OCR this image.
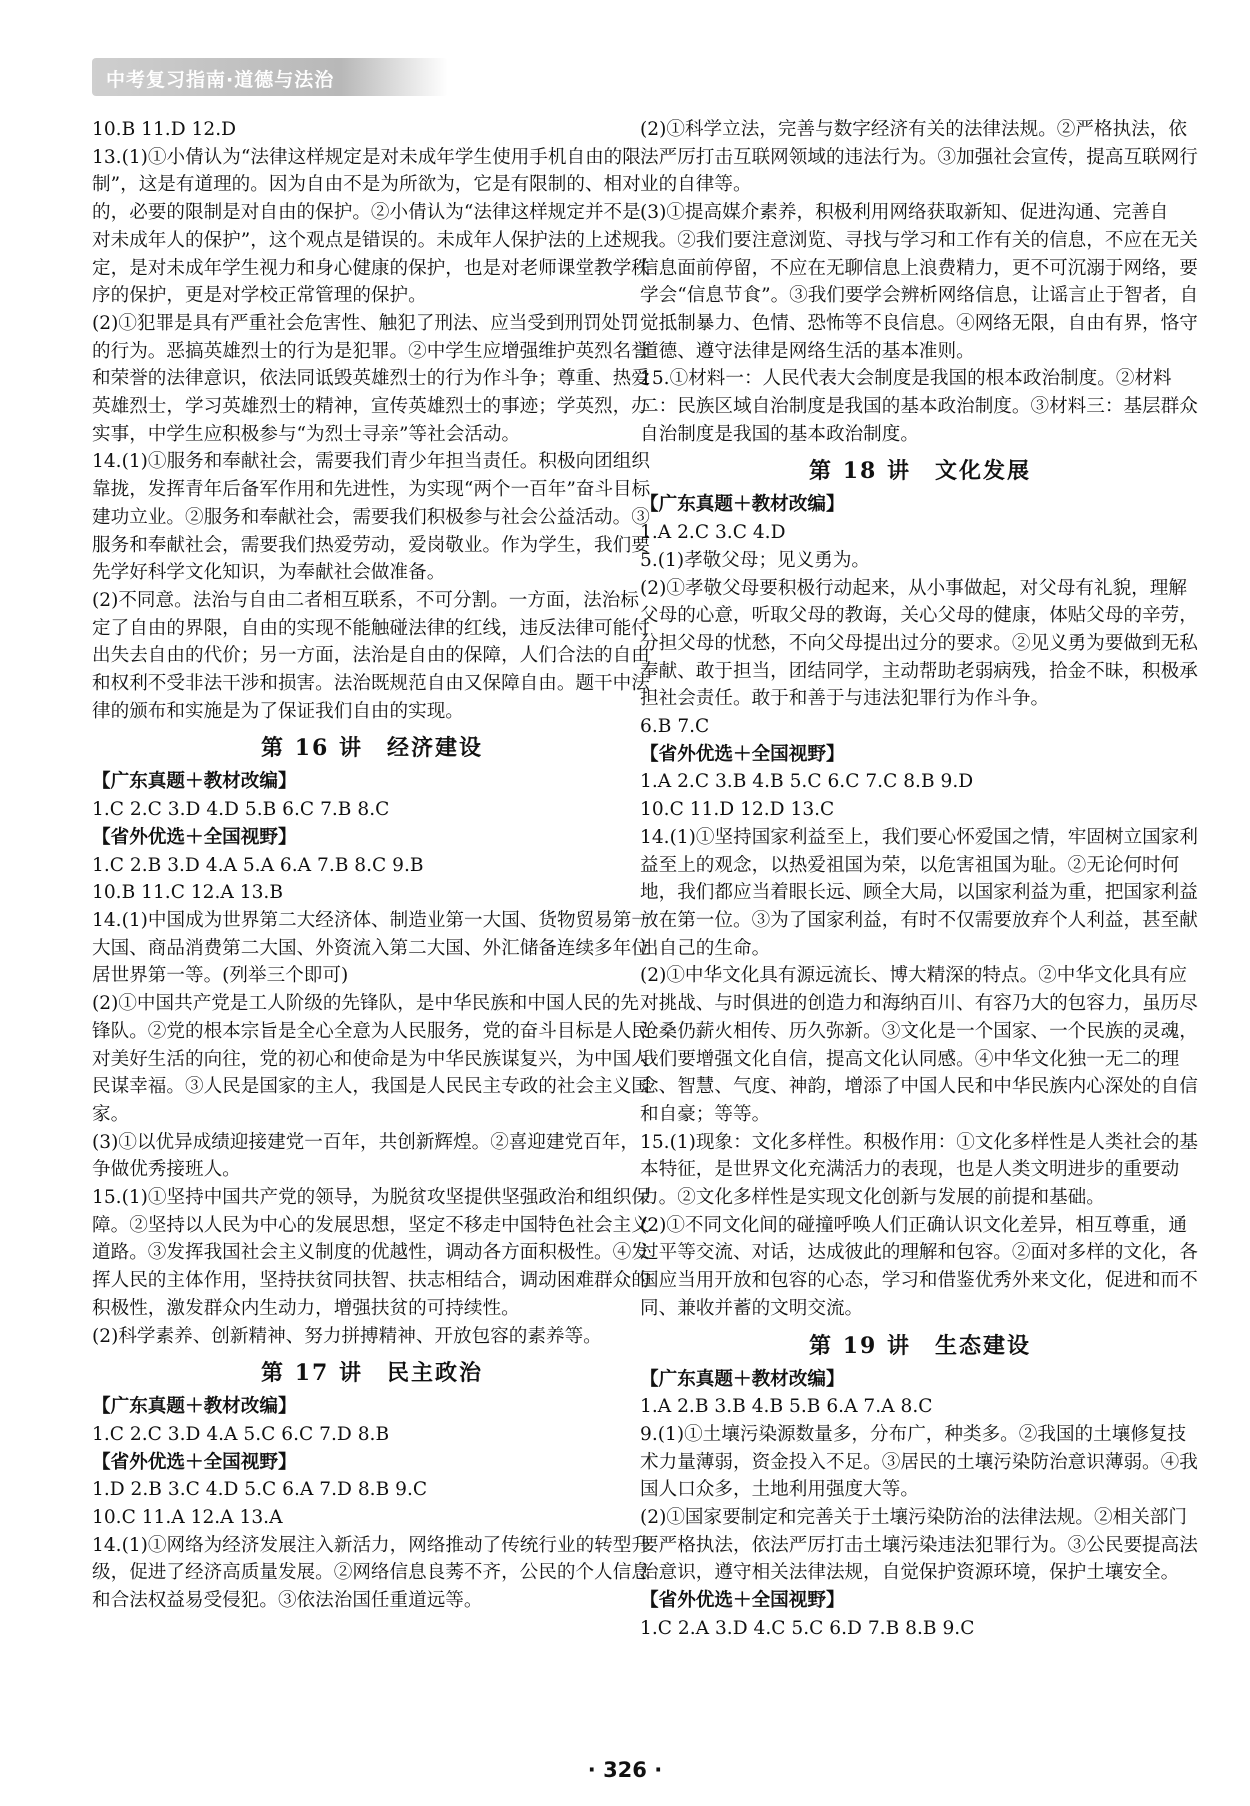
中考复习指南·道德与法治
10.B 11.D 12.D
13.(1)①小倩认为“法律这样规定是对未成年学生使用手机自由的限制”，这是有道理的。因为自由不是为所欲为，它是有限制的、相对的，必要的限制是对自由的保护。②小倩认为“法律这样规定并不是对未成年人的保护”，这个观点是错误的。未成年人保护法的上述规定，是对未成年学生视力和身心健康的保护，也是对老师课堂教学秩序的保护，更是对学校正常管理的保护。
(2)①犯罪是具有严重社会危害性、触犯了刑法、应当受到刑罚处罚的行为。恶搞英雄烈士的行为是犯罪。②中学生应增强维护英烈名誉和荣誉的法律意识，依法同诋毁英雄烈士的行为作斗争；尊重、热爱英雄烈士，学习英雄烈士的精神，宣传英雄烈士的事迹；学英烈，办实事，中学生应积极参与“为烈士寻亲”等社会活动。
14.(1)①服务和奉献社会，需要我们青少年担当责任。积极向团组织靠拢，发挥青年后备军作用和先进性，为实现“两个一百年”奋斗目标建功立业。②服务和奉献社会，需要我们积极参与社会公益活动。③服务和奉献社会，需要我们热爱劳动，爱岗敬业。作为学生，我们要先学好科学文化知识，为奉献社会做准备。
(2)不同意。法治与自由二者相互联系，不可分割。一方面，法治标定了自由的界限，自由的实现不能触碰法律的红线，违反法律可能付出失去自由的代价；另一方面，法治是自由的保障，人们合法的自由和权利不受非法干涉和损害。法治既规范自由又保障自由。题干中法律的颁布和实施是为了保证我们自由的实现。
第 16 讲　经济建设
【广东真题＋教材改编】
1.C 2.C 3.D 4.D 5.B 6.C 7.B 8.C
【省外优选＋全国视野】
1.C 2.B 3.D 4.A 5.A 6.A 7.B 8.C 9.B
10.B 11.C 12.A 13.B
14.(1)中国成为世界第二大经济体、制造业第一大国、货物贸易第一大国、商品消费第二大国、外资流入第二大国、外汇储备连续多年位居世界第一等。(列举三个即可)
(2)①中国共产党是工人阶级的先锋队，是中华民族和中国人民的先锋队。②党的根本宗旨是全心全意为人民服务，党的奋斗目标是人民对美好生活的向往，党的初心和使命是为中华民族谋复兴，为中国人民谋幸福。③人民是国家的主人，我国是人民民主专政的社会主义国家。
(3)①以优异成绩迎接建党一百年，共创新辉煌。②喜迎建党百年，争做优秀接班人。
15.(1)①坚持中国共产党的领导，为脱贫攻坚提供坚强政治和组织保障。②坚持以人民为中心的发展思想，坚定不移走中国特色社会主义道路。③发挥我国社会主义制度的优越性，调动各方面积极性。④发挥人民的主体作用，坚持扶贫同扶智、扶志相结合，调动困难群众的积极性，激发群众内生动力，增强扶贫的可持续性。
(2)科学素养、创新精神、努力拼搏精神、开放包容的素养等。
第 17 讲　民主政治
【广东真题＋教材改编】
1.C 2.C 3.D 4.A 5.C 6.C 7.D 8.B
【省外优选＋全国视野】
1.D 2.B 3.C 4.D 5.C 6.A 7.D 8.B 9.C
10.C 11.A 12.A 13.A
14.(1)①网络为经济发展注入新活力，网络推动了传统行业的转型升级，促进了经济高质量发展。②网络信息良莠不齐，公民的个人信息和合法权益易受侵犯。③依法治国任重道远等。
(2)①科学立法，完善与数字经济有关的法律法规。②严格执法，依法严厉打击互联网领域的违法行为。③加强社会宣传，提高互联网行业的自律等。
(3)①提高媒介素养，积极利用网络获取新知、促进沟通、完善自我。②我们要注意浏览、寻找与学习和工作有关的信息，不应在无关信息面前停留，不应在无聊信息上浪费精力，更不可沉溺于网络，要学会“信息节食”。③我们要学会辨析网络信息，让谣言止于智者，自觉抵制暴力、色情、恐怖等不良信息。④网络无限，自由有界，恪守道德、遵守法律是网络生活的基本准则。
15.①材料一：人民代表大会制度是我国的根本政治制度。②材料二：民族区域自治制度是我国的基本政治制度。③材料三：基层群众自治制度是我国的基本政治制度。
第 18 讲　文化发展
【广东真题＋教材改编】
1.A 2.C 3.C 4.D
5.(1)孝敬父母；见义勇为。
(2)①孝敬父母要积极行动起来，从小事做起，对父母有礼貌，理解父母的心意，听取父母的教诲，关心父母的健康，体贴父母的辛劳，分担父母的忧愁，不向父母提出过分的要求。②见义勇为要做到无私奉献、敢于担当，团结同学，主动帮助老弱病残，拾金不昧，积极承担社会责任。敢于和善于与违法犯罪行为作斗争。
6.B 7.C
【省外优选＋全国视野】
1.A 2.C 3.B 4.B 5.C 6.C 7.C 8.B 9.D
10.C 11.D 12.D 13.C
14.(1)①坚持国家利益至上，我们要心怀爱国之情，牢固树立国家利益至上的观念，以热爱祖国为荣，以危害祖国为耻。②无论何时何地，我们都应当着眼长远、顾全大局，以国家利益为重，把国家利益放在第一位。③为了国家利益，有时不仅需要放弃个人利益，甚至献出自己的生命。
(2)①中华文化具有源远流长、博大精深的特点。②中华文化具有应对挑战、与时俱进的创造力和海纳百川、有容乃大的包容力，虽历尽沧桑仍薪火相传、历久弥新。③文化是一个国家、一个民族的灵魂，我们要增强文化自信，提高文化认同感。④中华文化独一无二的理念、智慧、气度、神韵，增添了中国人民和中华民族内心深处的自信和自豪；等等。
15.(1)现象：文化多样性。积极作用：①文化多样性是人类社会的基本特征，是世界文化充满活力的表现，也是人类文明进步的重要动力。②文化多样性是实现文化创新与发展的前提和基础。
(2)①不同文化间的碰撞呼唤人们正确认识文化差异，相互尊重，通过平等交流、对话，达成彼此的理解和包容。②面对多样的文化，各国应当用开放和包容的心态，学习和借鉴优秀外来文化，促进和而不同、兼收并蓄的文明交流。
第 19 讲　生态建设
【广东真题＋教材改编】
1.A 2.B 3.B 4.B 5.B 6.A 7.A 8.C
9.(1)①土壤污染源数量多，分布广，种类多。②我国的土壤修复技术力量薄弱，资金投入不足。③居民的土壤污染防治意识薄弱。④我国人口众多，土地利用强度大等。
(2)①国家要制定和完善关于土壤污染防治的法律法规。②相关部门要严格执法，依法严厉打击土壤污染违法犯罪行为。③公民要提高法治意识，遵守相关法律法规，自觉保护资源环境，保护土壤安全。
【省外优选＋全国视野】
1.C 2.A 3.D 4.C 5.C 6.D 7.B 8.B 9.C
· 326 ·
